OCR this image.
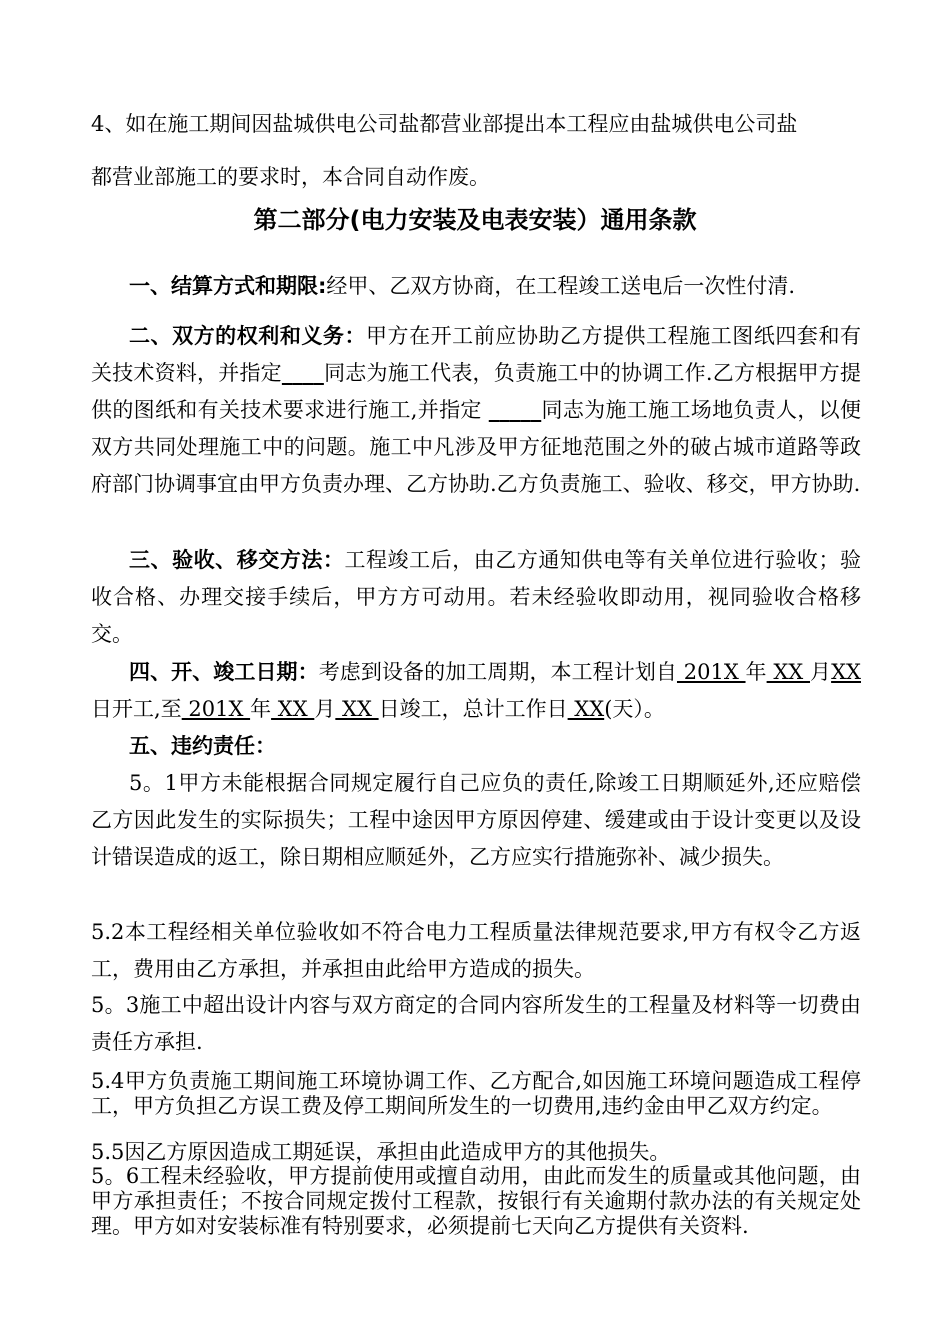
4、如在施工期间因盐城供电公司盐都营业部提出本工程应由盐城供电公司盐
都营业部施工的要求时，本合同自动作废。
第二部分(电力安装及电表安装）通用条款
一、结算方式和期限:经甲、乙双方协商，在工程竣工送电后一次性付清.
二、双方的权利和义务：甲方在开工前应协助乙方提供工程施工图纸四套和有关技术资料，并指定____同志为施工代表，负责施工中的协调工作.乙方根据甲方提供的图纸和有关技术要求进行施工,并指定 _____同志为施工施工场地负责人，以便双方共同处理施工中的问题。施工中凡涉及甲方征地范围之外的破占城市道路等政府部门协调事宜由甲方负责办理、乙方协助.乙方负责施工、验收、移交，甲方协助.
三、验收、移交方法：工程竣工后，由乙方通知供电等有关单位进行验收；验收合格、办理交接手续后，甲方方可动用。若未经验收即动用，视同验收合格移交。
四、开、竣工日期：考虑到设备的加工周期，本工程计划自 201X 年 XX 月XX 日开工,至 201X 年 XX 月 XX 日竣工，总计工作日 XX(天）。
五、违约责任：
5。1甲方未能根据合同规定履行自己应负的责任,除竣工日期顺延外,还应赔偿乙方因此发生的实际损失；工程中途因甲方原因停建、缓建或由于设计变更以及设计错误造成的返工，除日期相应顺延外，乙方应实行措施弥补、减少损失。
5.2本工程经相关单位验收如不符合电力工程质量法律规范要求,甲方有权令乙方返工，费用由乙方承担，并承担由此给甲方造成的损失。
5。3施工中超出设计内容与双方商定的合同内容所发生的工程量及材料等一切费由责任方承担.
5.4甲方负责施工期间施工环境协调工作、乙方配合,如因施工环境问题造成工程停工，甲方负担乙方误工费及停工期间所发生的一切费用,违约金由甲乙双方约定。
5.5因乙方原因造成工期延误，承担由此造成甲方的其他损失。
5。6工程未经验收，甲方提前使用或擅自动用，由此而发生的质量或其他问题，由甲方承担责任；不按合同规定拨付工程款，按银行有关逾期付款办法的有关规定处理。甲方如对安装标准有特别要求，必须提前七天向乙方提供有关资料.
